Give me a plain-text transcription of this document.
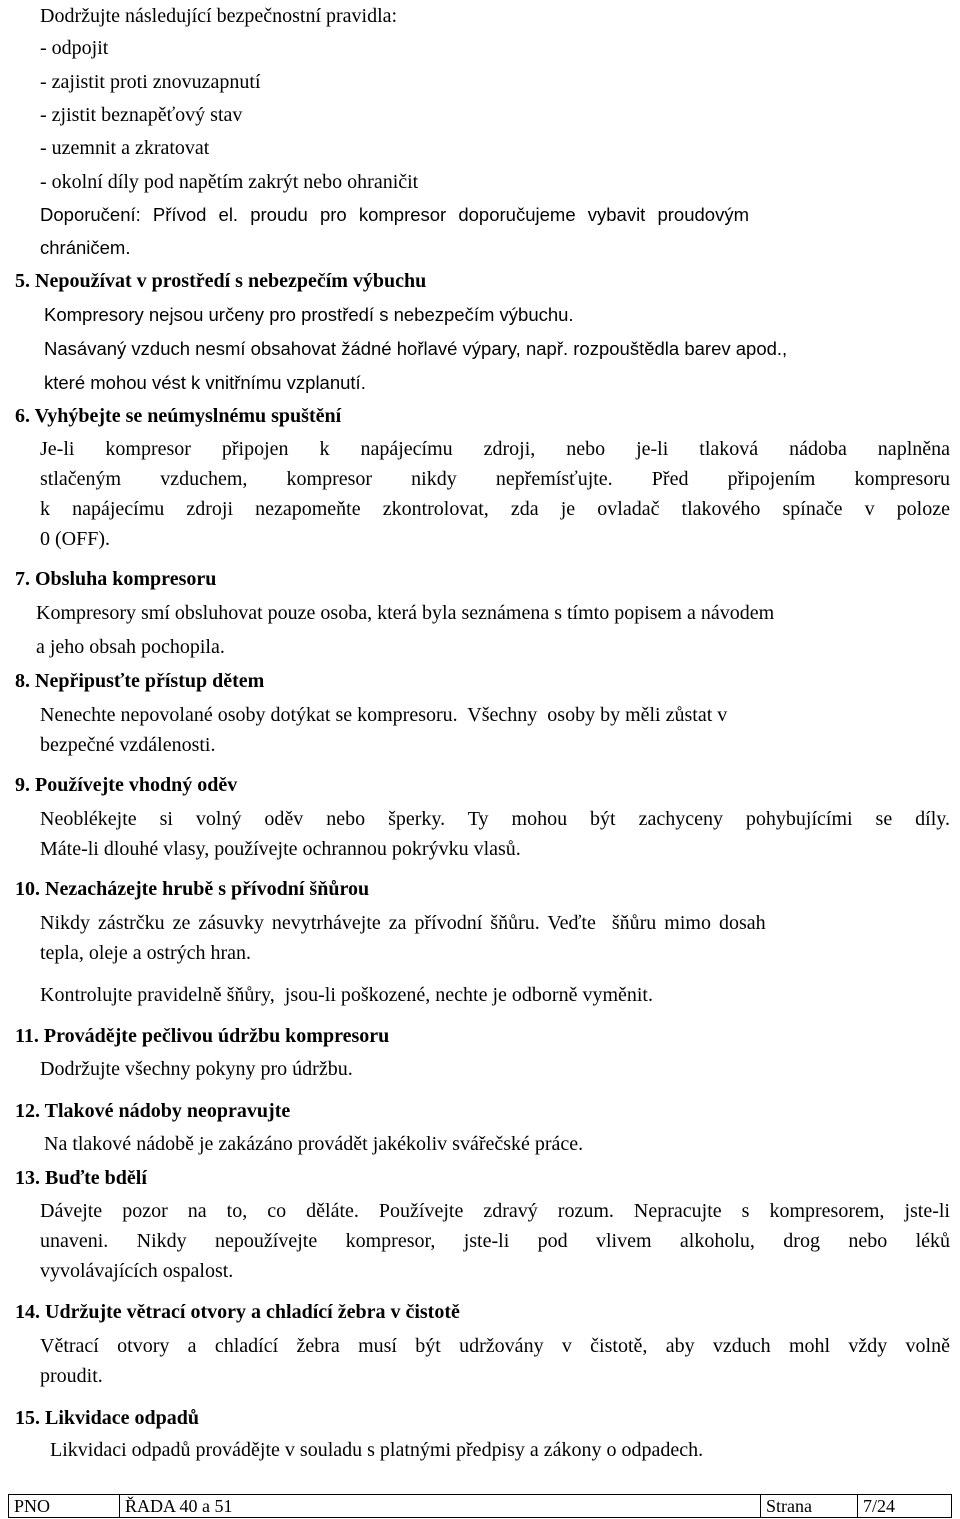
Dodržujte následující bezpečnostní pravidla:
- odpojit
- zajistit proti znovuzapnutí
- zjistit beznapěťový stav
- uzemnit a zkratovat
- okolní díly pod napětím zakrýt nebo ohraničit
Doporučení: Přívod el. proudu pro kompresor doporučujeme vybavit proudovým
chráničem.
5. Nepoužívat v prostředí s nebezpečím výbuchu
Kompresory nejsou určeny pro prostředí s nebezpečím výbuchu.
Nasávaný vzduch nesmí obsahovat žádné hořlavé výpary, např. rozpouštědla barev apod.,
které mohou vést k vnitřnímu vzplanutí.
6. Vyhýbejte se neúmyslnému spuštění
Je-li kompresor připojen k napájecímu zdroji, nebo je-li tlaková nádoba naplněna
stlačeným vzduchem, kompresor nikdy nepřemísťujte. Před připojením kompresoru
k napájecímu zdroji nezapomeňte zkontrolovat, zda je ovladač tlakového spínače v poloze
0 (OFF).
7. Obsluha kompresoru
Kompresory smí obsluhovat pouze osoba, která byla seznámena s tímto popisem a návodem
a jeho obsah pochopila.
8. Nepřipusťte přístup dětem
Nenechte nepovolané osoby dotýkat se kompresoru.  Všechny  osoby by měli zůstat v
bezpečné vzdálenosti.
9. Používejte vhodný oděv
Neoblékejte si volný oděv nebo šperky. Ty mohou být zachyceny pohybujícími se díly.
Máte-li dlouhé vlasy, používejte ochrannou pokrývku vlasů.
10. Nezacházejte hrubě s přívodní šňůrou
Nikdy zástrčku ze zásuvky nevytrhávejte za přívodní šňůru. Veďte  šňůru mimo dosah
tepla, oleje a ostrých hran.
Kontrolujte pravidelně šňůry,  jsou-li poškozené, nechte je odborně vyměnit.
11. Provádějte pečlivou údržbu kompresoru
Dodržujte všechny pokyny pro údržbu.
12. Tlakové nádoby neopravujte
Na tlakové nádobě je zakázáno provádět jakékoliv svářečské práce.
13. Buďte bdělí
Dávejte pozor na to, co děláte. Používejte zdravý rozum. Nepracujte s kompresorem, jste-li
unaveni. Nikdy nepoužívejte kompresor, jste-li pod vlivem alkoholu, drog nebo léků
vyvolávajících ospalost.
14. Udržujte větrací otvory a chladící žebra v čistotě
Větrací otvory a chladící žebra musí být udržovány v čistotě, aby vzduch mohl vždy volně
proudit.
15. Likvidace odpadů
Likvidaci odpadů provádějte v souladu s platnými předpisy a zákony o odpadech.
PNO	ŘADA 40 a 51	Strana	7/24
